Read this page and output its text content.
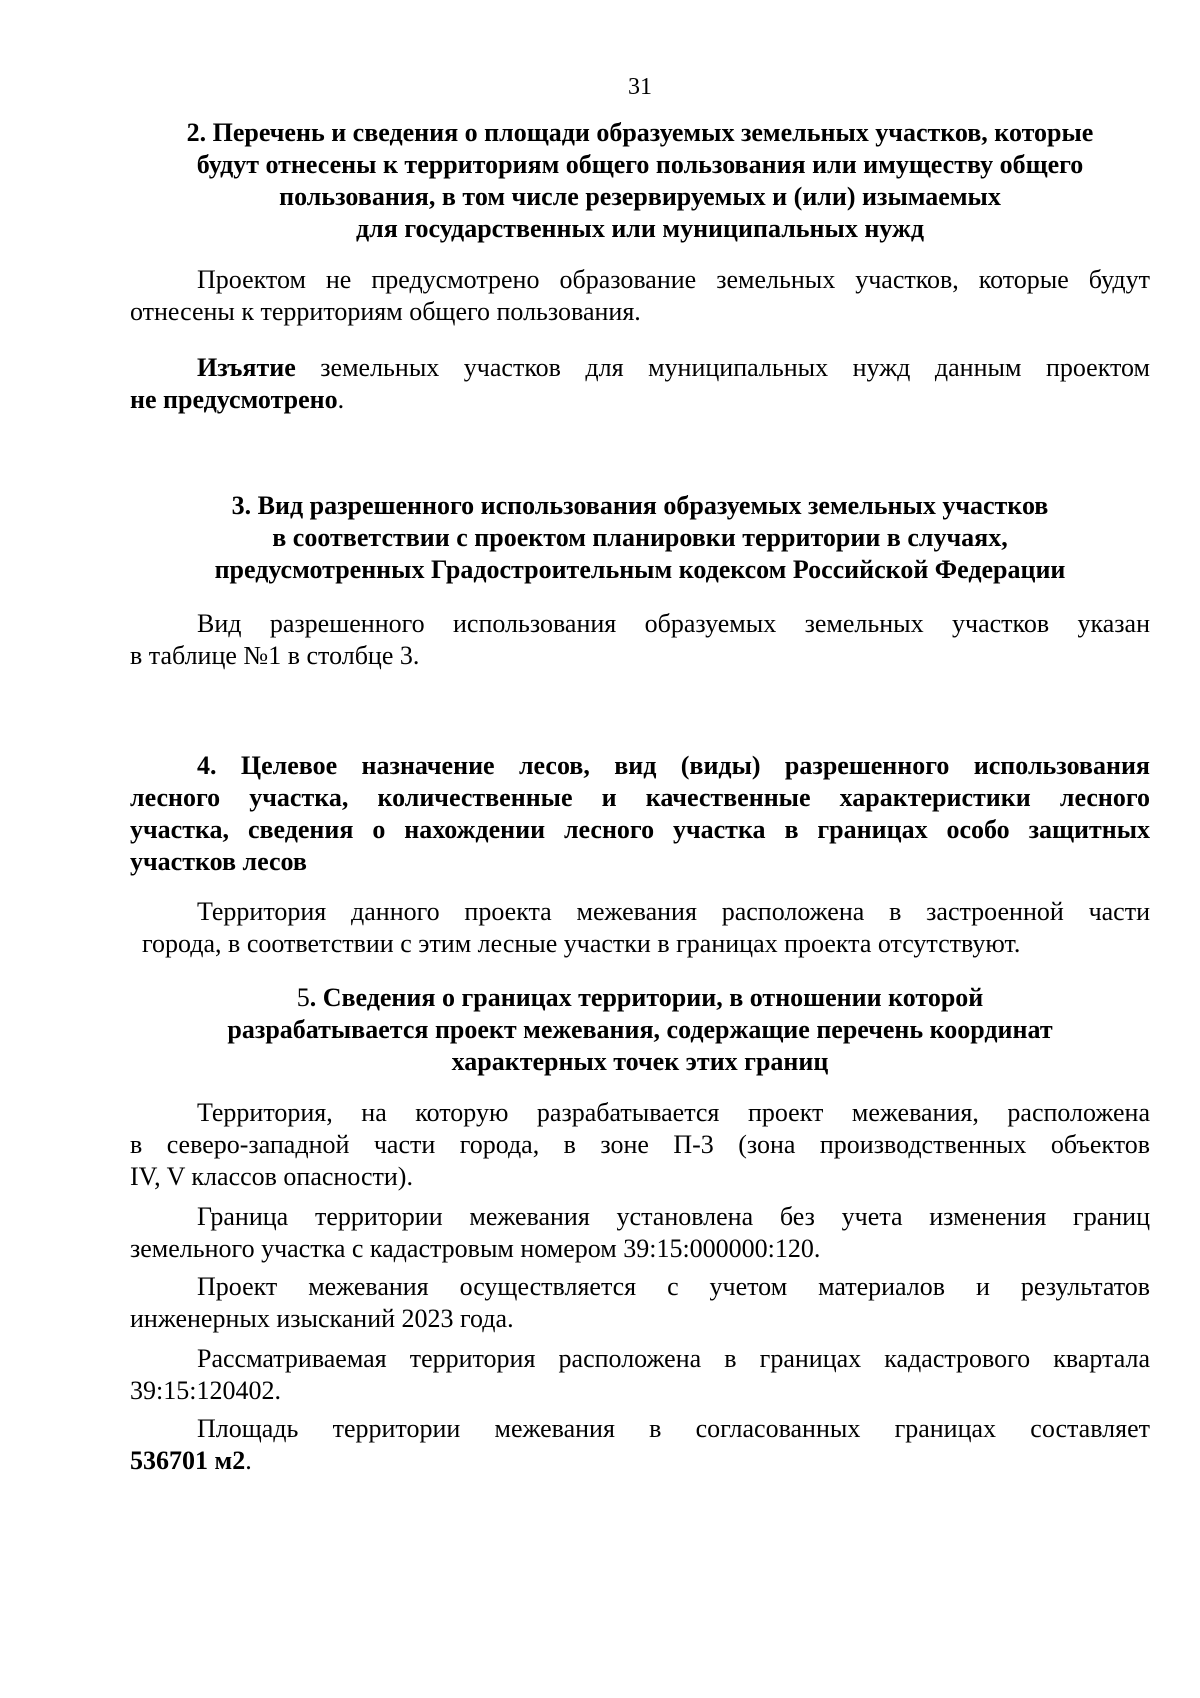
31
2. Перечень и сведения о площади образуемых земельных участков, которые
будут отнесены к территориям общего пользования или имуществу общего
пользования, в том числе резервируемых и (или) изымаемых
для государственных или муниципальных нужд
Проектом не предусмотрено образование земельных участков, которые будут
отнесены к территориям общего пользования.
Изъятие земельных участков для муниципальных нужд данным проектом
не предусмотрено.
3. Вид разрешенного использования образуемых земельных участков
в соответствии с проектом планировки территории в случаях,
предусмотренных Градостроительным кодексом Российской Федерации
Вид разрешенного использования образуемых земельных участков указан
в таблице №1 в столбце 3.
4. Целевое назначение лесов, вид (виды) разрешенного использования
лесного участка, количественные и качественные характеристики лесного
участка, сведения о нахождении лесного участка в границах особо защитных
участков лесов
Территория данного проекта межевания расположена в застроенной части
города, в соответствии с этим лесные участки в границах проекта отсутствуют.
5. Сведения о границах территории, в отношении которой
разрабатывается проект межевания, содержащие перечень координат
характерных точек этих границ
Территория, на которую разрабатывается проект межевания, расположена
в северо-западной части города, в зоне П-3 (зона производственных объектов
IV, V классов опасности).
Граница территории межевания установлена без учета изменения границ
земельного участка с кадастровым номером 39:15:000000:120.
Проект межевания осуществляется с учетом материалов и результатов
инженерных изысканий 2023 года.
Рассматриваемая территория расположена в границах кадастрового квартала
39:15:120402.
Площадь территории межевания в согласованных границах составляет
536701 м2.
